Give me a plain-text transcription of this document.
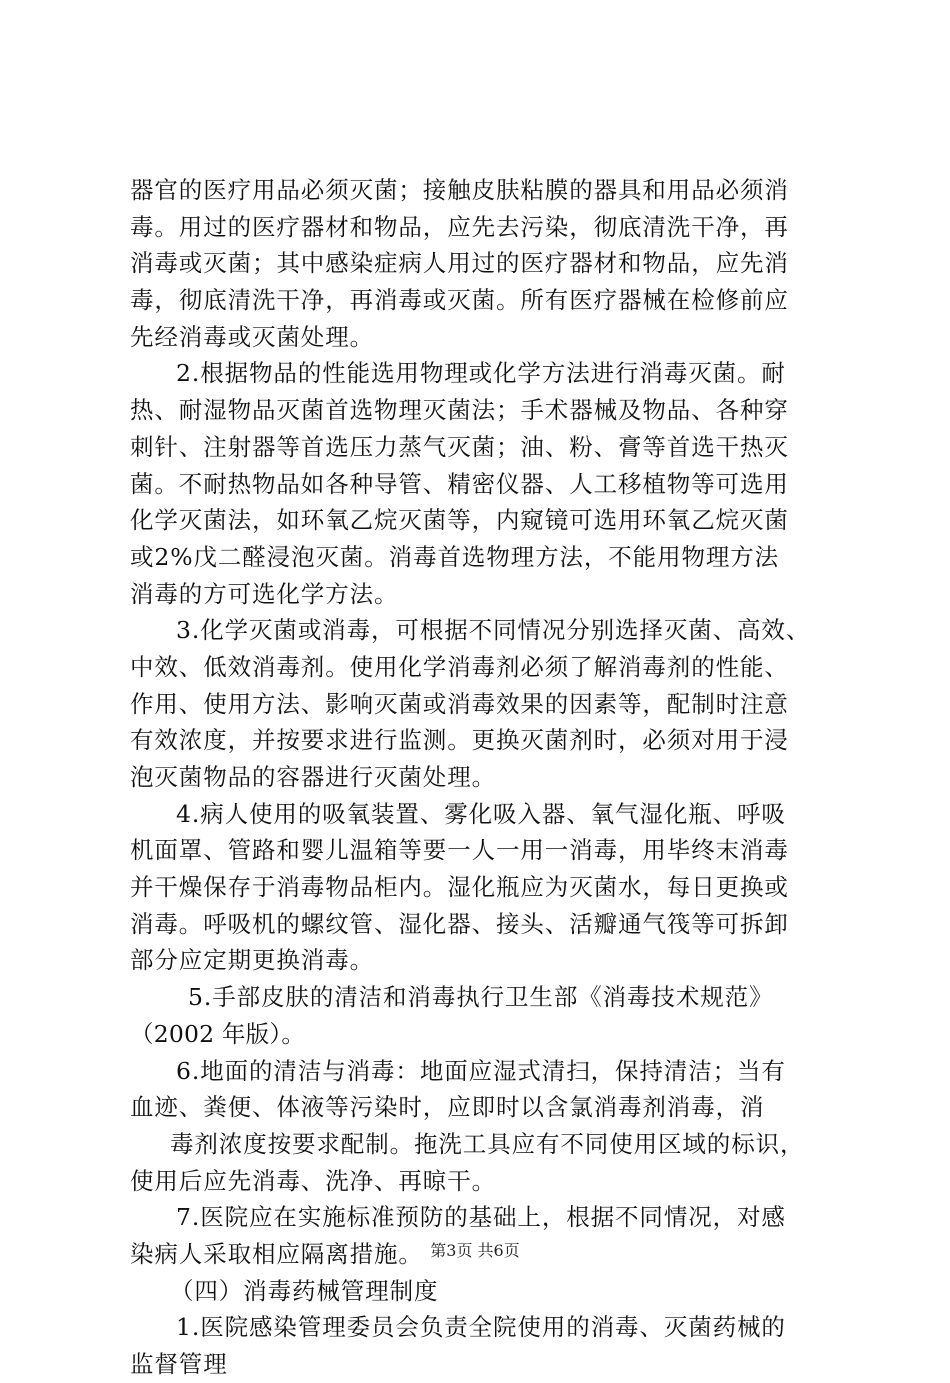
器官的医疗用品必须灭菌；接触皮肤粘膜的器具和用品必须消
毒。用过的医疗器材和物品，应先去污染，彻底清洗干净，再
消毒或灭菌；其中感染症病人用过的医疗器材和物品，应先消
毒，彻底清洗干净，再消毒或灭菌。所有医疗器械在检修前应
先经消毒或灭菌处理。
2.根据物品的性能选用物理或化学方法进行消毒灭菌。耐
热、耐湿物品灭菌首选物理灭菌法；手术器械及物品、各种穿
刺针、注射器等首选压力蒸气灭菌；油、粉、膏等首选干热灭
菌。不耐热物品如各种导管、精密仪器、人工移植物等可选用
化学灭菌法，如环氧乙烷灭菌等，内窥镜可选用环氧乙烷灭菌
或2%戊二醛浸泡灭菌。消毒首选物理方法，不能用物理方法
消毒的方可选化学方法。
3.化学灭菌或消毒，可根据不同情况分别选择灭菌、高效、
中效、低效消毒剂。使用化学消毒剂必须了解消毒剂的性能、
作用、使用方法、影响灭菌或消毒效果的因素等，配制时注意
有效浓度，并按要求进行监测。更换灭菌剂时，必须对用于浸
泡灭菌物品的容器进行灭菌处理。
4.病人使用的吸氧装置、雾化吸入器、氧气湿化瓶、呼吸
机面罩、管路和婴儿温箱等要一人一用一消毒，用毕终末消毒
并干燥保存于消毒物品柜内。湿化瓶应为灭菌水，每日更换或
消毒。呼吸机的螺纹管、湿化器、接头、活瓣通气筏等可拆卸
部分应定期更换消毒。
5.手部皮肤的清洁和消毒执行卫生部《消毒技术规范》
（2002 年版）。
6.地面的清洁与消毒：地面应湿式清扫，保持清洁；当有
血迹、粪便、体液等污染时，应即时以含氯消毒剂消毒，消
毒剂浓度按要求配制。拖洗工具应有不同使用区域的标识，
使用后应先消毒、洗净、再晾干。
7.医院应在实施标准预防的基础上，根据不同情况，对感
染病人采取相应隔离措施。
（四）消毒药械管理制度
1.医院感染管理委员会负责全院使用的消毒、灭菌药械的
监督管理
第3页 共6页
